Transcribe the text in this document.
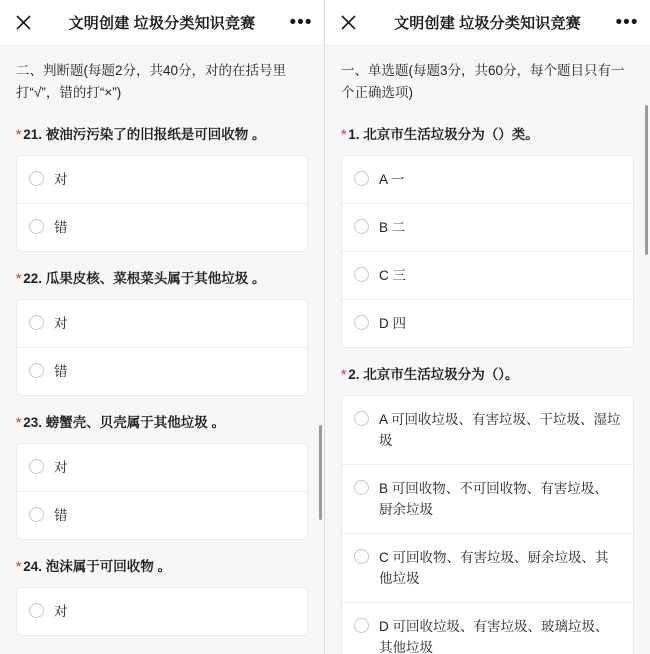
文明创建 垃圾分类知识竞赛	•••
二、判断题(每题2分，共40分，对的在括号里打“√”，错的打“×”)
* 21. 被油污污染了的旧报纸是可回收物 。
对
错
* 22. 瓜果皮核、菜根菜头属于其他垃圾 。
对
错
* 23. 螃蟹壳、贝壳属于其他垃圾 。
对
错
* 24. 泡沫属于可回收物 。
对
文明创建 垃圾分类知识竞赛	•••
一、单选题(每题3分，共60分，每个题目只有一个正确选项)
* 1. 北京市生活垃圾分为（）类。
A 一
B 二
C 三
D 四
* 2. 北京市生活垃圾分为（）。
A 可回收垃圾、有害垃圾、干垃圾、湿垃圾
B 可回收物、不可回收物、有害垃圾、厨余垃圾
C 可回收物、有害垃圾、厨余垃圾、其他垃圾
D 可回收垃圾、有害垃圾、玻璃垃圾、其他垃圾
